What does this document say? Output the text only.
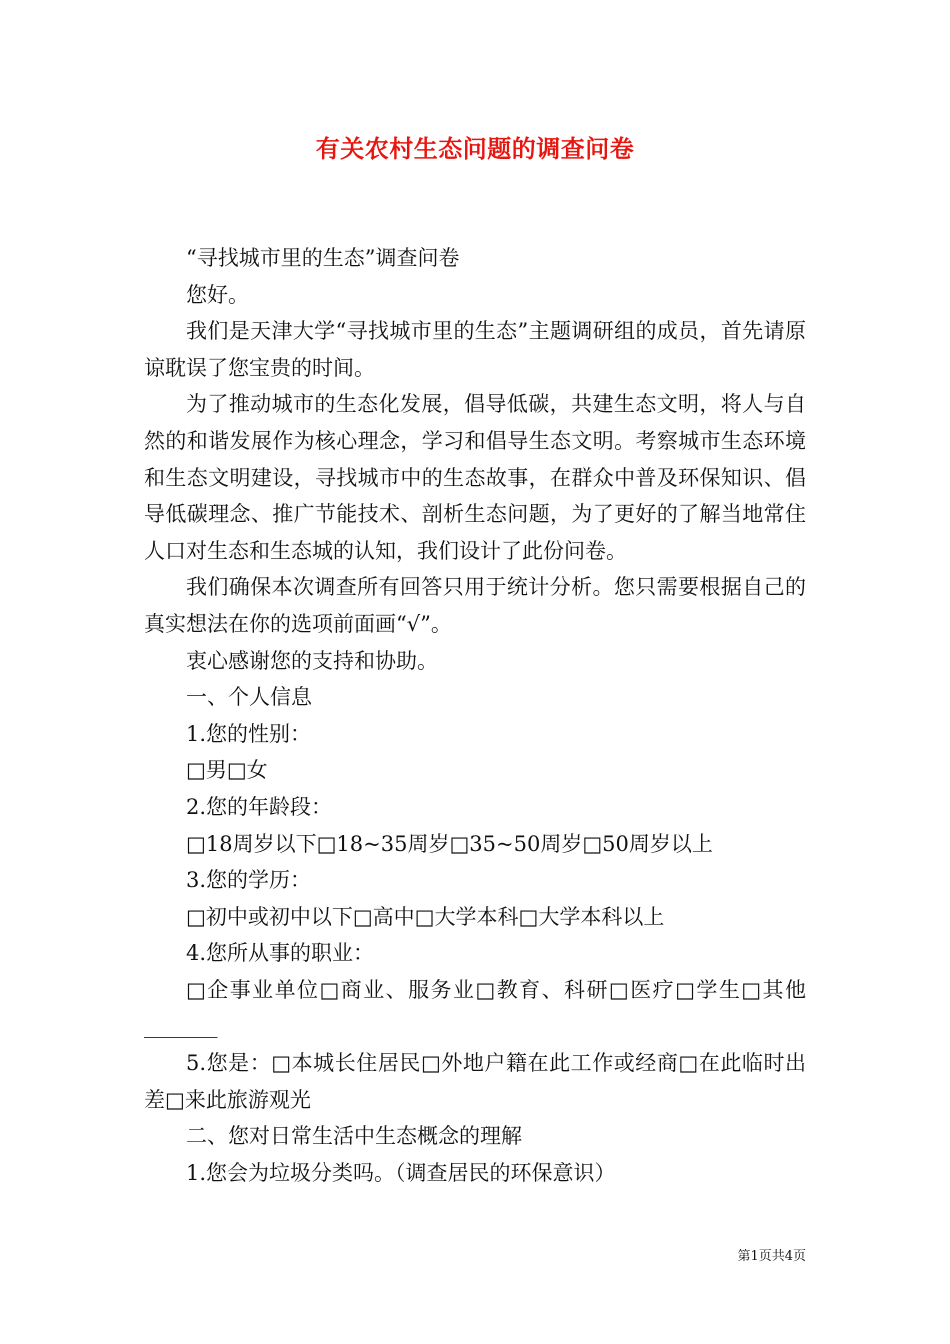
有关农村生态问题的调查问卷

“寻找城市里的生态”调查问卷

您好。

我们是天津大学“寻找城市里的生态”主题调研组的成员，首先请原谅耽误了您宝贵的时间。

为了推动城市的生态化发展，倡导低碳，共建生态文明，将人与自然的和谐发展作为核心理念，学习和倡导生态文明。考察城市生态环境和生态文明建设，寻找城市中的生态故事，在群众中普及环保知识、倡导低碳理念、推广节能技术、剖析生态问题，为了更好的了解当地常住人口对生态和生态城的认知，我们设计了此份问卷。

我们确保本次调查所有回答只用于统计分析。您只需要根据自己的真实想法在你的选项前面画“√”。

衷心感谢您的支持和协助。

一、个人信息

1.您的性别：

□男□女

2.您的年龄段：

□18周岁以下□18~35周岁□35~50周岁□50周岁以上

3.您的学历：

□初中或初中以下□高中□大学本科□大学本科以上

4.您所从事的职业：

□企事业单位□商业、服务业□教育、科研□医疗□学生□其他_______

5.您是：□本城长住居民□外地户籍在此工作或经商□在此临时出差□来此旅游观光

二、您对日常生活中生态概念的理解

1.您会为垃圾分类吗。（调查居民的环保意识）

第1页共4页
